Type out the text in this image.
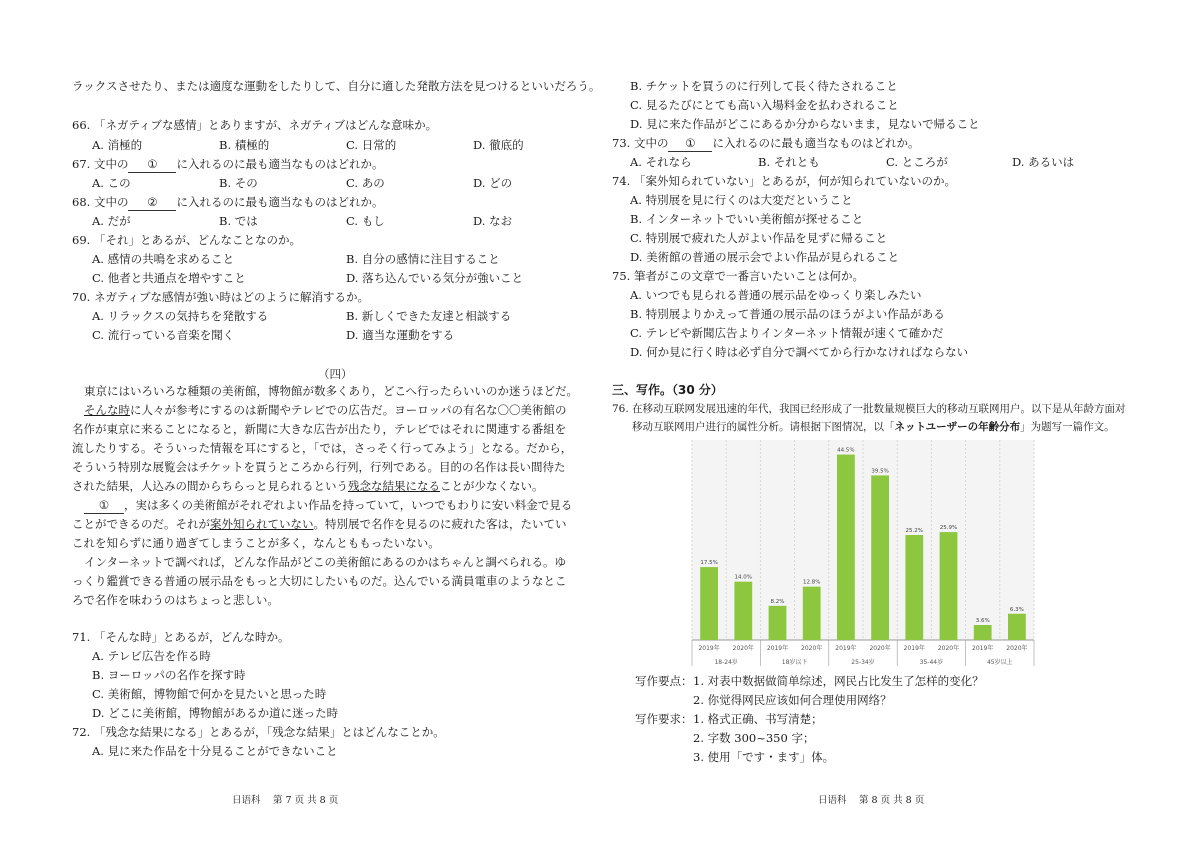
ラックスさせたり、または適度な運動をしたりして、自分に適した発散方法を見つけるといいだろう。
66. 「ネガティブな感情」とありますが、ネガティブはどんな意味か。
A. 消極的	B. 積極的	C. 日常的	D. 徹底的
67. 文中の ① に入れるのに最も適当なものはどれか。
A. この	B. その	C. あの	D. どの
68. 文中の ② に入れるのに最も適当なものはどれか。
A. だが	B. では	C. もし	D. なお
69. 「それ」とあるが、どんなことなのか。
A. 感情の共鳴を求めること	B. 自分の感情に注目すること
C. 他者と共通点を増やすこと	D. 落ち込んでいる気分が強いこと
70. ネガティブな感情が強い時はどのように解消するか。
A. リラックスの気持ちを発散する	B. 新しくできた友達と相談する
C. 流行っている音楽を聞く	D. 適当な運動をする
（四）
東京にはいろいろな種類の美術館，博物館が数多くあり，どこへ行ったらいいのか迷うほどだ。
そんな時に人々が参考にするのは新聞やテレビでの広告だ。ヨーロッパの有名な〇〇美術館の
名作が東京に来ることになると，新聞に大きな広告が出たり，テレビではそれに関連する番組を
流したりする。そういった情報を耳にすると，「では，さっそく行ってみよう」となる。だから，
そういう特別な展覧会はチケットを買うところから行列，行列である。目的の名作は長い間待た
された結果，人込みの間からちらっと見られるという残念な結果になることが少なくない。
① ，実は多くの美術館がそれぞれよい作品を持っていて，いつでもわりに安い料金で見る
ことができるのだ。それが案外知られていない。特別展で名作を見るのに疲れた客は，たいてい
これを知らずに通り過ぎてしまうことが多く，なんとももったいない。
インターネットで調べれば，どんな作品がどこの美術館にあるのかはちゃんと調べられる。ゆ
っくり鑑賞できる普通の展示品をもっと大切にしたいものだ。込んでいる満員電車のようなとこ
ろで名作を味わうのはちょっと悲しい。
71. 「そんな時」とあるが，どんな時か。
A. テレビ広告を作る時
B. ヨーロッパの名作を探す時
C. 美術館，博物館で何かを見たいと思った時
D. どこに美術館，博物館があるか道に迷った時
72. 「残念な結果になる」とあるが，「残念な結果」とはどんなことか。
A. 見に来た作品を十分見ることができないこと
日语科　 第 7 页 共 8 页
B. チケットを買うのに行列して長く待たされること
C. 見るたびにとても高い入場料金を払わされること
D. 見に来た作品がどこにあるか分からないまま，見ないで帰ること
73. 文中の ① に入れるのに最も適当なものはどれか。
A. それなら	B. それとも	C. ところが	D. あるいは
74. 「案外知られていない」とあるが，何が知られていないのか。
A. 特別展を見に行くのは大変だということ
B. インターネットでいい美術館が探せること
C. 特別展で疲れた人がよい作品を見ずに帰ること
D. 美術館の普通の展示会でよい作品が見られること
75. 筆者がこの文章で一番言いたいことは何か。
A. いつでも見られる普通の展示品をゆっくり楽しみたい
B. 特別展よりかえって普通の展示品のほうがよい作品がある
C. テレビや新聞広告よりインターネット情報が速くて確かだ
D. 何か見に行く時は必ず自分で調べてから行かなければならない
三、写作。（30 分）
76. 在移动互联网发展迅速的年代，我国已经形成了一批数量规模巨大的移动互联网用户。以下是从年龄方面对
移动互联网用户进行的属性分析。请根据下图情况，以「ネットユーザーの年齢分布」为题写一篇作文。
17.5%
2019年
14.0%
2020年
8.2%
2019年
12.8%
2020年
44.5%
2019年
39.5%
2020年
25.2%
2019年
25.9%
2020年
3.6%
2019年
6.3%
2020年
18-24岁	18岁以下	25-34岁	35-44岁	45岁以上
写作要点： 1. 对表中数据做简单综述，网民占比发生了怎样的变化？
2. 你觉得网民应该如何合理使用网络？
写作要求： 1. 格式正确、书写清楚；
2. 字数 300~350 字；
3. 使用「です・ます」体。
日语科　 第 8 页 共 8 页
